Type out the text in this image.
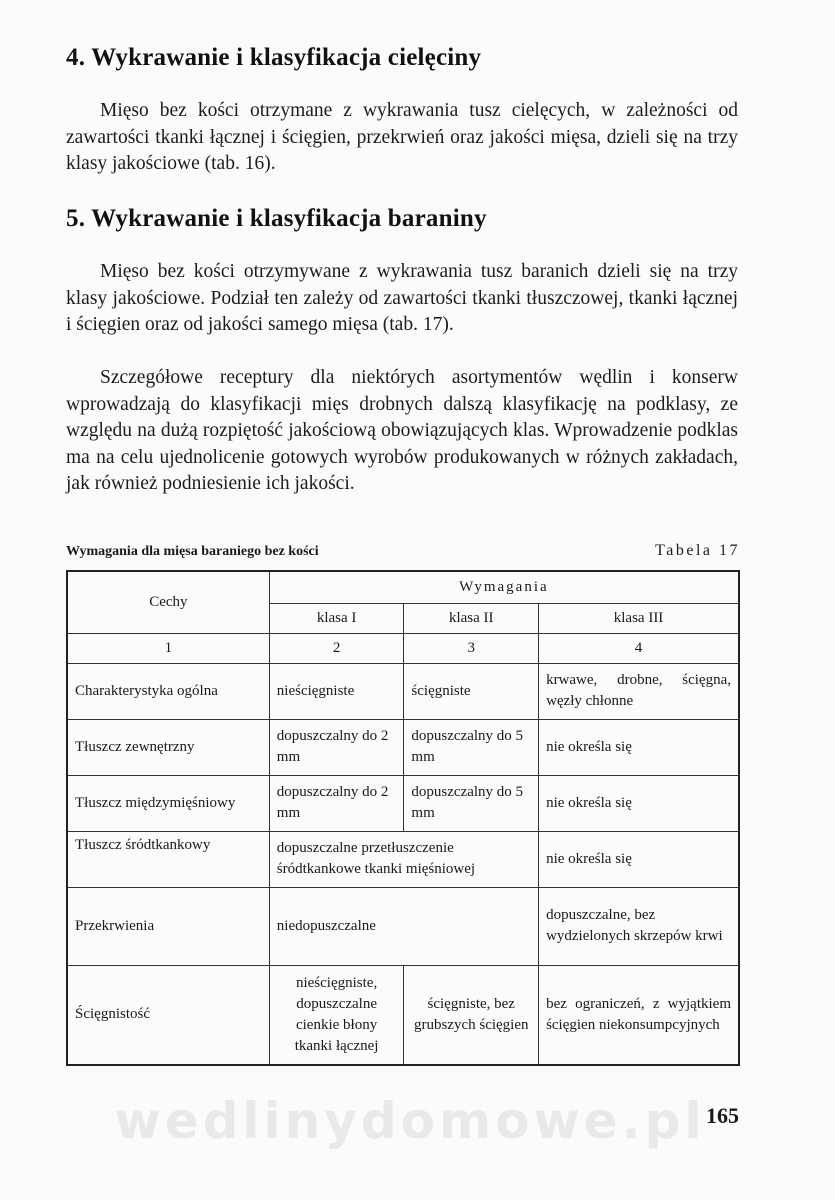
4. Wykrawanie i klasyfikacja cielęciny

Mięso bez kości otrzymane z wykrawania tusz cielęcych, w zależności od zawartości tkanki łącznej i ścięgien, przekrwień oraz jakości mięsa, dzieli się na trzy klasy jakościowe (tab. 16).

5. Wykrawanie i klasyfikacja baraniny

Mięso bez kości otrzymywane z wykrawania tusz baranich dzieli się na trzy klasy jakościowe. Podział ten zależy od zawartości tkanki tłuszczowej, tkanki łącznej i ścięgien oraz od jakości samego mięsa (tab. 17).

Szczegółowe receptury dla niektórych asortymentów wędlin i konserw wprowadzają do klasyfikacji mięs drobnych dalszą klasyfikację na podklasy, ze względu na dużą rozpiętość jakościową obowiązujących klas. Wprowadzenie podklas ma na celu ujednolicenie gotowych wyrobów produkowanych w różnych zakładach, jak również podniesienie ich jakości.

Wymagania dla mięsa baraniego bez kości	Tabela 17
Cechy	Wymagania		
	klasa I	klasa II	klasa III
1	2	3	4
Charakterystyka ogólna	nieścięgniste	ścięgniste	krwawe, drobne, ścięgna, węzły chłonne
Tłuszcz zewnętrzny	dopuszczalny do 2 mm	dopuszczalny do 5 mm	nie określa się
Tłuszcz międzymięśniowy	dopuszczalny do 2 mm	dopuszczalny do 5 mm	nie określa się
Tłuszcz śródtkankowy	dopuszczalne przetłuszczenie śródtkankowe tkanki mięśniowej		nie określa się
Przekrwienia	niedopuszczalne		dopuszczalne, bez wydzielonych skrzepów krwi
Ścięgnistość	nieścięgniste, dopuszczalne cienkie błony tkanki łącznej	ścięgniste, bez grubszych ścięgien	bez ograniczeń, z wyjątkiem ścięgien niekonsumpcyjnych
wedlinydomowe.pl 165
